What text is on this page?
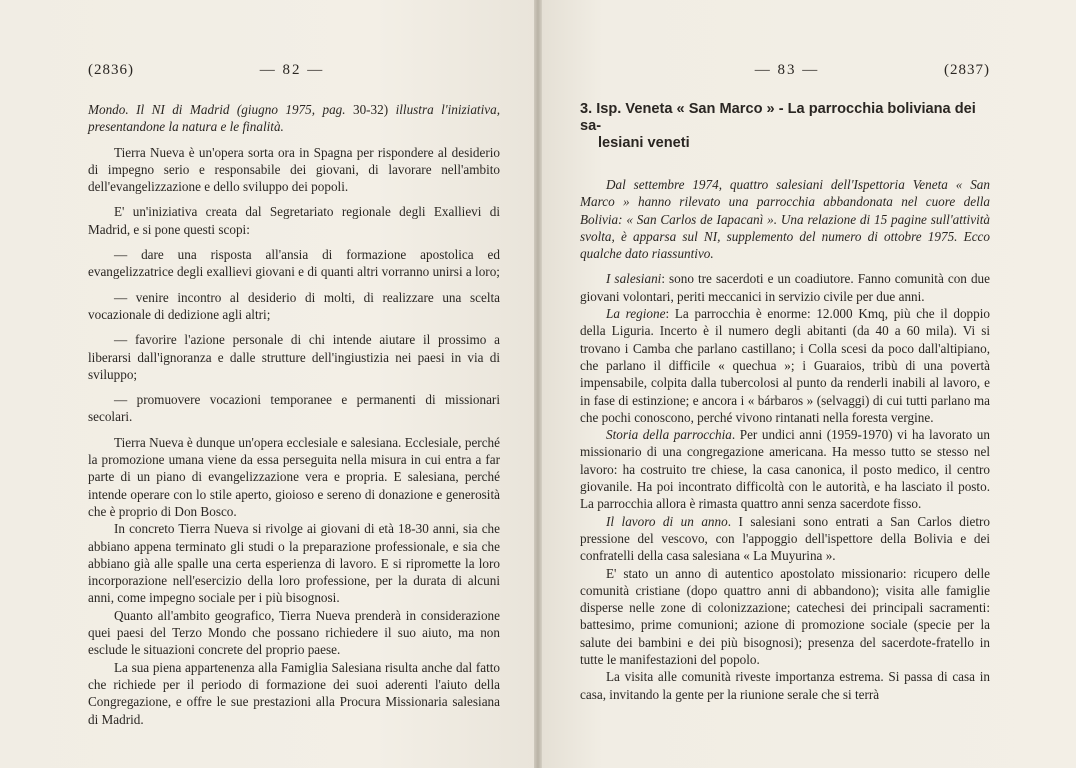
(2836)	— 82 —

Mondo. Il NI di Madrid (giugno 1975, pag. 30-32) illustra l'iniziativa, presentandone la natura e le finalità.

Tierra Nueva è un'opera sorta ora in Spagna per rispondere al desiderio di impegno serio e responsabile dei giovani, di lavorare nell'ambito dell'evangelizzazione e dello sviluppo dei popoli.

E' un'iniziativa creata dal Segretariato regionale degli Exallievi di Madrid, e si pone questi scopi:

— dare una risposta all'ansia di formazione apostolica ed evangelizzatrice degli exallievi giovani e di quanti altri vorranno unirsi a loro;

— venire incontro al desiderio di molti, di realizzare una scelta vocazionale di dedizione agli altri;

— favorire l'azione personale di chi intende aiutare il prossimo a liberarsi dall'ignoranza e dalle strutture dell'ingiustizia nei paesi in via di sviluppo;

— promuovere vocazioni temporanee e permanenti di missionari secolari.

Tierra Nueva è dunque un'opera ecclesiale e salesiana. Ecclesiale, perché la promozione umana viene da essa perseguita nella misura in cui entra a far parte di un piano di evangelizzazione vera e propria. E salesiana, perché intende operare con lo stile aperto, gioioso e sereno di donazione e generosità che è proprio di Don Bosco.

In concreto Tierra Nueva si rivolge ai giovani di età 18-30 anni, sia che abbiano appena terminato gli studi o la preparazione professionale, e sia che abbiano già alle spalle una certa esperienza di lavoro. E si ripromette la loro incorporazione nell'esercizio della loro professione, per la durata di alcuni anni, come impegno sociale per i più bisognosi.

Quanto all'ambito geografico, Tierra Nueva prenderà in considerazione quei paesi del Terzo Mondo che possano richiedere il suo aiuto, ma non esclude le situazioni concrete del proprio paese.

La sua piena appartenenza alla Famiglia Salesiana risulta anche dal fatto che richiede per il periodo di formazione dei suoi aderenti l'aiuto della Congregazione, e offre le sue prestazioni alla Procura Missionaria salesiana di Madrid.

— 83 —	(2837)
3. Isp. Veneta « San Marco » - La parrocchia boliviana dei sa-
lesiani veneti

Dal settembre 1974, quattro salesiani dell'Ispettoria Veneta « San Marco » hanno rilevato una parrocchia abbandonata nel cuore della Bolivia: « San Carlos de Iapacanì ». Una relazione di 15 pagine sull'attività svolta, è apparsa sul NI, supplemento del numero di ottobre 1975. Ecco qualche dato riassuntivo.

I salesiani: sono tre sacerdoti e un coadiutore. Fanno comunità con due giovani volontari, periti meccanici in servizio civile per due anni.

La regione: La parrocchia è enorme: 12.000 Kmq, più che il doppio della Liguria. Incerto è il numero degli abitanti (da 40 a 60 mila). Vi si trovano i Camba che parlano castillano; i Colla scesi da poco dall'altipiano, che parlano il difficile « quechua »; i Guaraios, tribù di una povertà impensabile, colpita dalla tubercolosi al punto da renderli inabili al lavoro, e in fase di estinzione; e ancora i « bárbaros » (selvaggi) di cui tutti parlano ma che pochi conoscono, perché vivono rintanati nella foresta vergine.

Storia della parrocchia. Per undici anni (1959-1970) vi ha lavorato un missionario di una congregazione americana. Ha messo tutto se stesso nel lavoro: ha costruito tre chiese, la casa canonica, il posto medico, il centro giovanile. Ha poi incontrato difficoltà con le autorità, e ha lasciato il posto. La parrocchia allora è rimasta quattro anni senza sacerdote fisso.

Il lavoro di un anno. I salesiani sono entrati a San Carlos dietro pressione del vescovo, con l'appoggio dell'ispettore della Bolivia e dei confratelli della casa salesiana « La Muyurina ».

E' stato un anno di autentico apostolato missionario: ricupero delle comunità cristiane (dopo quattro anni di abbandono); visita alle famiglie disperse nelle zone di colonizzazione; catechesi dei principali sacramenti: battesimo, prime comunioni; azione di promozione sociale (specie per la salute dei bambini e dei più bisognosi); presenza del sacerdote-fratello in tutte le manifestazioni del popolo.

La visita alle comunità riveste importanza estrema. Si passa di casa in casa, invitando la gente per la riunione serale che si terrà
